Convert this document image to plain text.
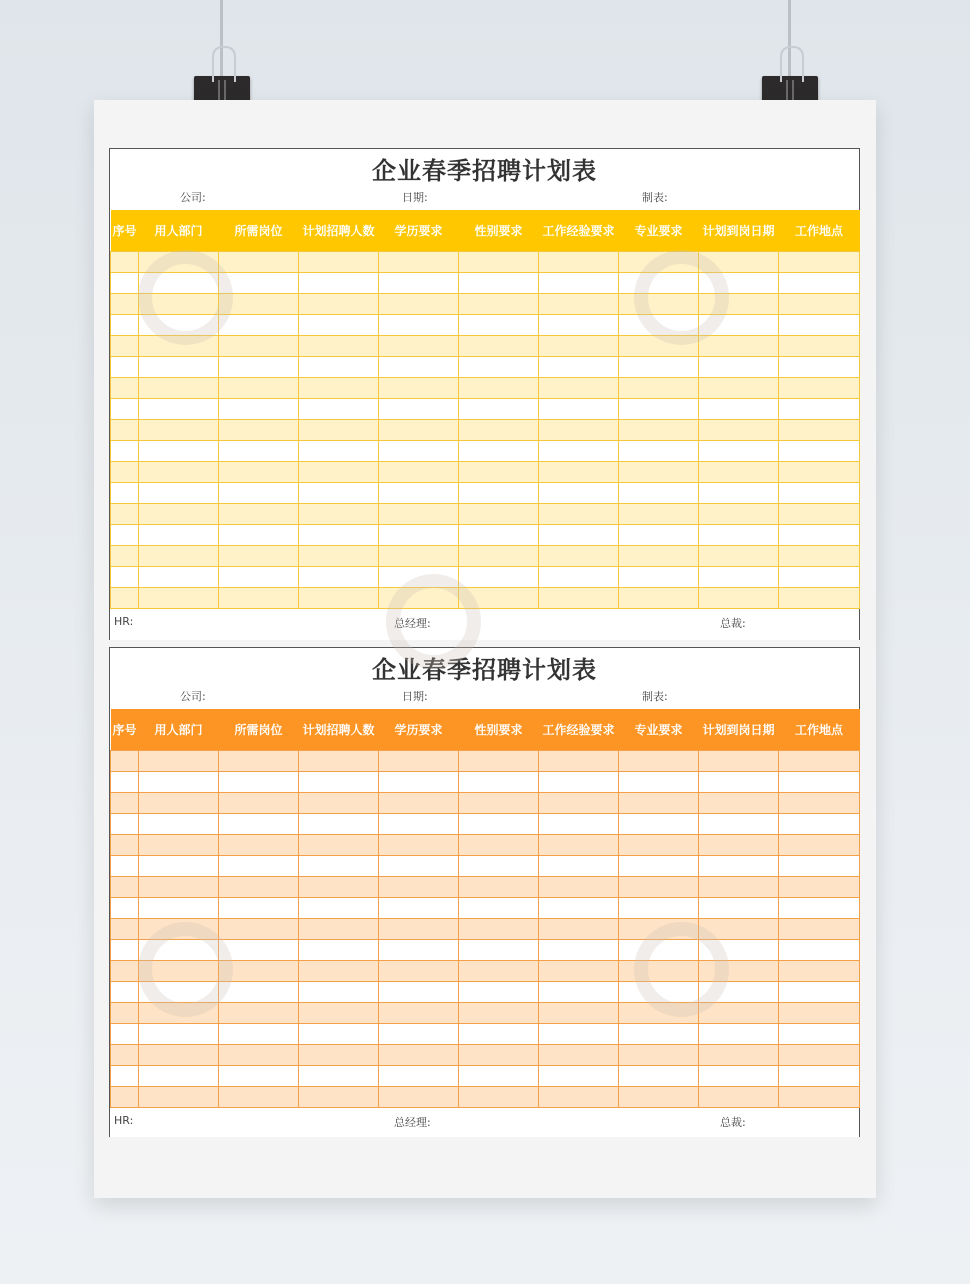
企业春季招聘计划表
公司:	日期:	制表:
序号	用人部门	所需岗位	计划招聘人数	学历要求	性别要求	工作经验要求	专业要求	计划到岗日期	工作地点

HR:	总经理:	总裁:
企业春季招聘计划表
公司:	日期:	制表:
序号	用人部门	所需岗位	计划招聘人数	学历要求	性别要求	工作经验要求	专业要求	计划到岗日期	工作地点

HR:	总经理:	总裁:
